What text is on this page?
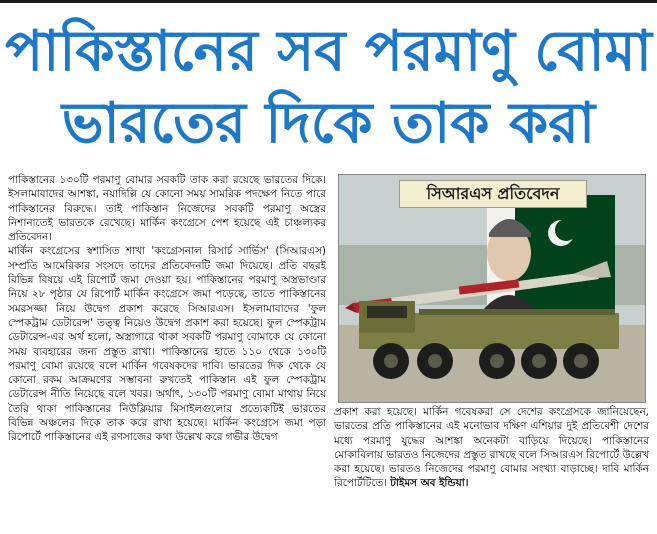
পাকিস্তানের সব পরমাণু বোমা
ভারতের দিকে তাক করা

পাকিস্তানের ১৩০টি পরমাণু বোমার সবকটি তাক করা রয়েছে ভারতের দিকে। ইসলামাবাদের আশঙ্কা, নয়াদিল্লি যে কোনো সময় সামরিক পদক্ষেপ নিতে পারে পাকিস্তানের বিরুদ্ধে। তাই পাকিস্তান নিজেদের সবকটি পরমাণু অস্ত্রের নিশানাতেই ভারতকে রেখেছে। মার্কিন কংগ্রেসে পেশ হয়েছে এই চাঞ্চল্যকর প্রতিবেদন।

মার্কিন কংগ্রেসের স্বশাসিত শাখা 'কংগ্রেসনাল রিসার্চ সার্ভিস' (সিআরএস) সম্প্রতি আমেরিকার সংসদে তাদের প্রতিবেদনটি জমা দিয়েছে। প্রতি বছরই বিভিন্ন বিষয়ে এই রিপোর্ট জমা দেওয়া হয়। পাকিস্তানের পরমাণু অস্ত্রভাণ্ডার নিয়ে ২৮ পৃষ্ঠার যে রিপোর্ট মার্কিন কংগ্রেসে জমা পড়েছে, তাতে পাকিস্তানের সমরসজ্জা নিয়ে উদ্বেগ প্রকাশ করেছে সিআরএস। ইসলামাবাদের 'ফুল স্পেকট্রাম ডেটারেন্স' তত্ত্ব নিয়েও উদ্বেগ প্রকাশ করা হয়েছে। ফুল স্পেকট্রাম ডেটারেন্স-এর অর্থ হলো, অস্ত্রাগারে থাকা সবকটি পরমাণু বোমাকে যে কোনো সময় ব্যবহারের জন্য প্রস্তুত রাখা। পাকিস্তানের হাতে ১১০ থেকে ১৩০টি পরমাণু বোমা রয়েছে বলে মার্কিন গবেষকদের দাবি। ভারতের দিক থেকে যে কোনো রকম আক্রমণের সম্ভাবনা রুখতেই পাকিস্তান এই ফুল স্পেকট্রাম ডেটারেন্স নীতি নিয়েছে বলে খবর। অর্থাৎ, ১৩০টি পরমাণু বোমা মাথায় নিয়ে তৈরি থাকা পাকিস্তানের নিউক্লিয়ার মিসাইলগুলোর প্রত্যেকটিই ভারতের বিভিন্ন অঞ্চলের দিকে তাক করে রাখা হয়েছে। মার্কিন কংগ্রেসে জমা পড়া রিপোর্টে পাকিস্তানের এই রণসাজের কথা উল্লেখ করে গভীর উদ্বেগ

সিআরএস প্রতিবেদন

প্রকাশ করা হয়েছে। মার্কিন গবেষকরা সে দেশের কংগ্রেসকে জানিয়েছেন, ভারতের প্রতি পাকিস্তানের এই মনোভাব দক্ষিণ এশিয়ার দুই প্রতিবেশী দেশের মধ্যে পরমাণু যুদ্ধের আশঙ্কা অনেকটা বাড়িয়ে দিয়েছে। পাকিস্তানের মোকাবিলায় ভারতও নিজেদের প্রস্তুত রাখছে বলে সিআরএস রিপোর্টে উল্লেখ করা হয়েছে। ভারতও নিজেদের পরমাণু বোমার সংখ্যা বাড়াচ্ছে। দাবি মার্কিন রিপোর্টটিতে। টাইমস অব ইন্ডিয়া।
